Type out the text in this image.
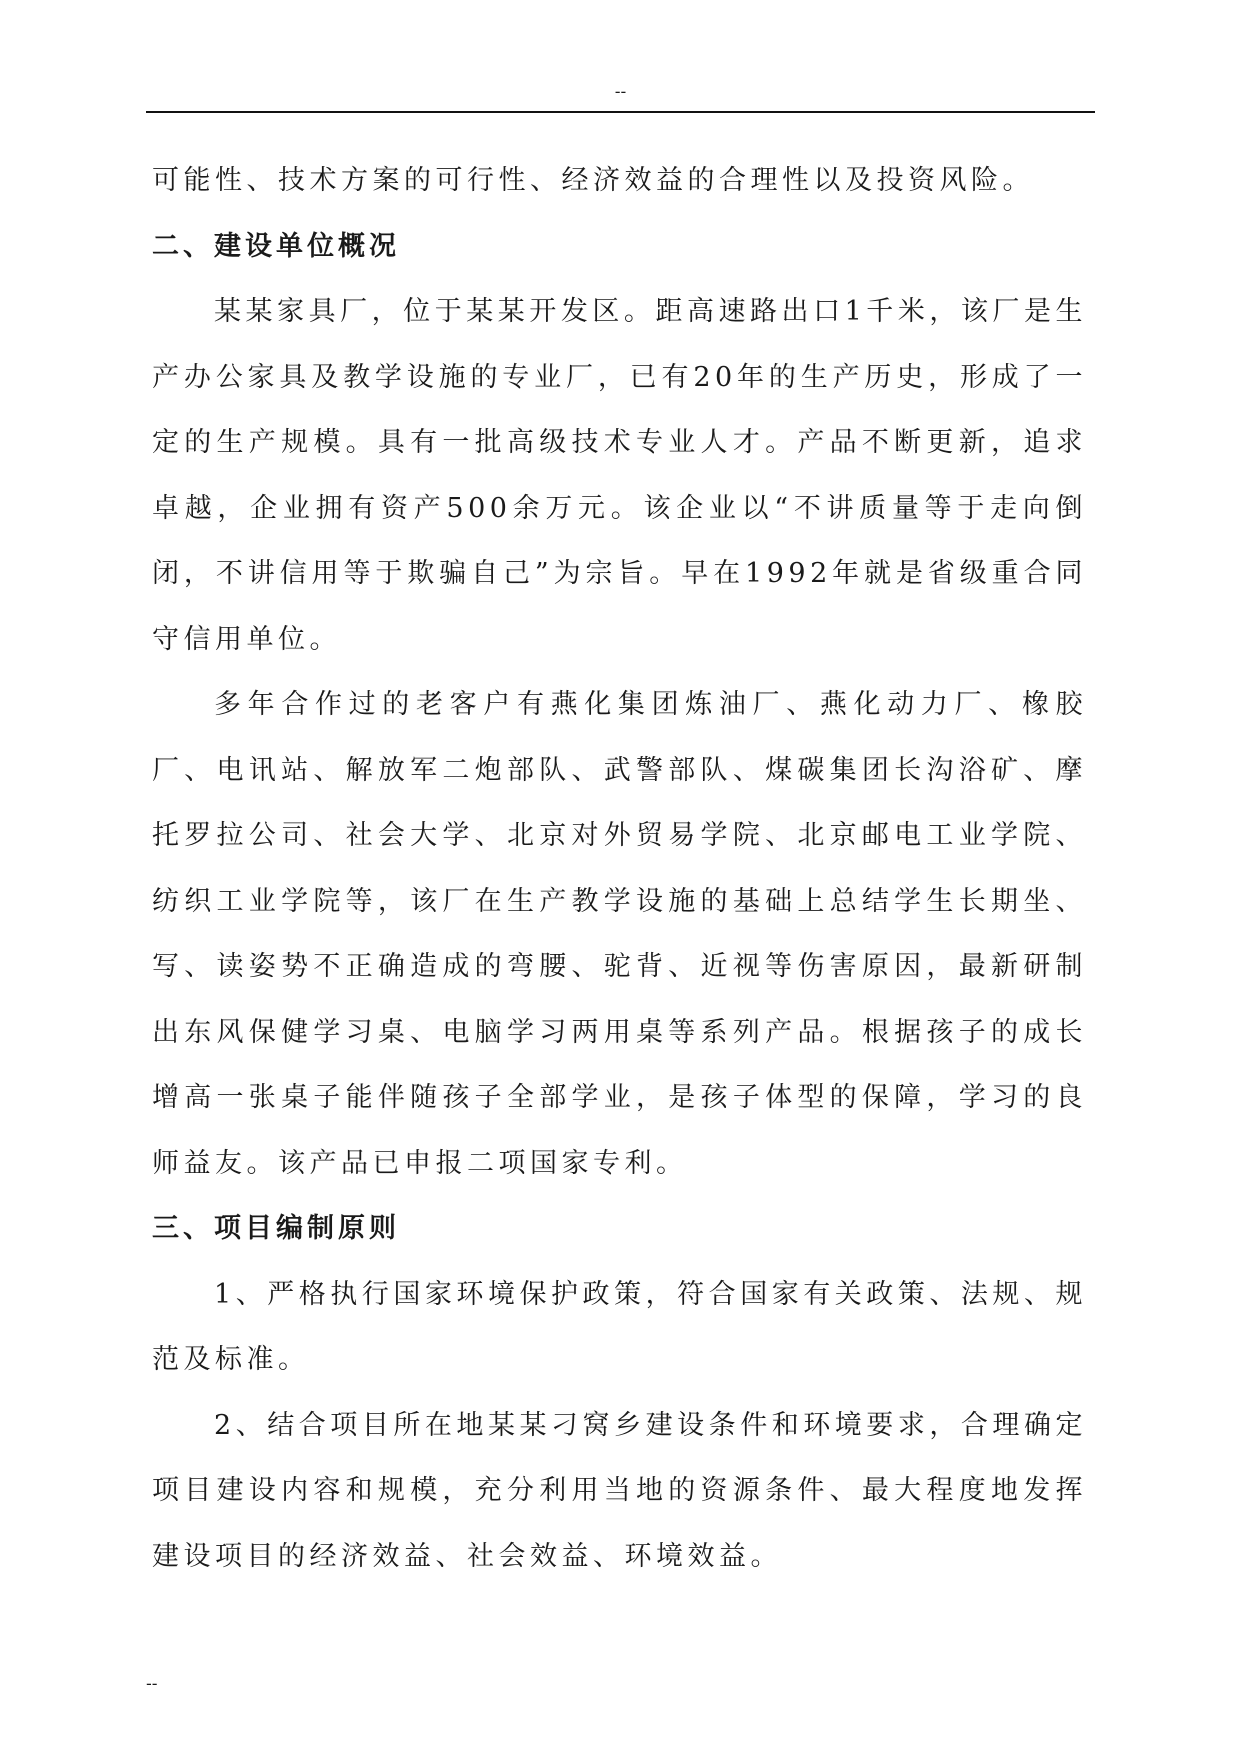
--

可能性、技术方案的可行性、经济效益的合理性以及投资风险。

二、建设单位概况

某某家具厂，位于某某开发区。距高速路出口1千米，该厂是生产办公家具及教学设施的专业厂，已有20年的生产历史，形成了一定的生产规模。具有一批高级技术专业人才。产品不断更新，追求卓越，企业拥有资产500余万元。该企业以“不讲质量等于走向倒闭，不讲信用等于欺骗自己”为宗旨。早在1992年就是省级重合同守信用单位。

多年合作过的老客户有燕化集团炼油厂、燕化动力厂、橡胶厂、电讯站、解放军二炮部队、武警部队、煤碳集团长沟浴矿、摩托罗拉公司、社会大学、北京对外贸易学院、北京邮电工业学院、纺织工业学院等，该厂在生产教学设施的基础上总结学生长期坐、写、读姿势不正确造成的弯腰、驼背、近视等伤害原因，最新研制出东风保健学习桌、电脑学习两用桌等系列产品。根据孩子的成长增高一张桌子能伴随孩子全部学业，是孩子体型的保障，学习的良师益友。该产品已申报二项国家专利。

三、项目编制原则

1、严格执行国家环境保护政策，符合国家有关政策、法规、规范及标准。

2、结合项目所在地某某刁窝乡建设条件和环境要求，合理确定项目建设内容和规模，充分利用当地的资源条件、最大程度地发挥建设项目的经济效益、社会效益、环境效益。

--
